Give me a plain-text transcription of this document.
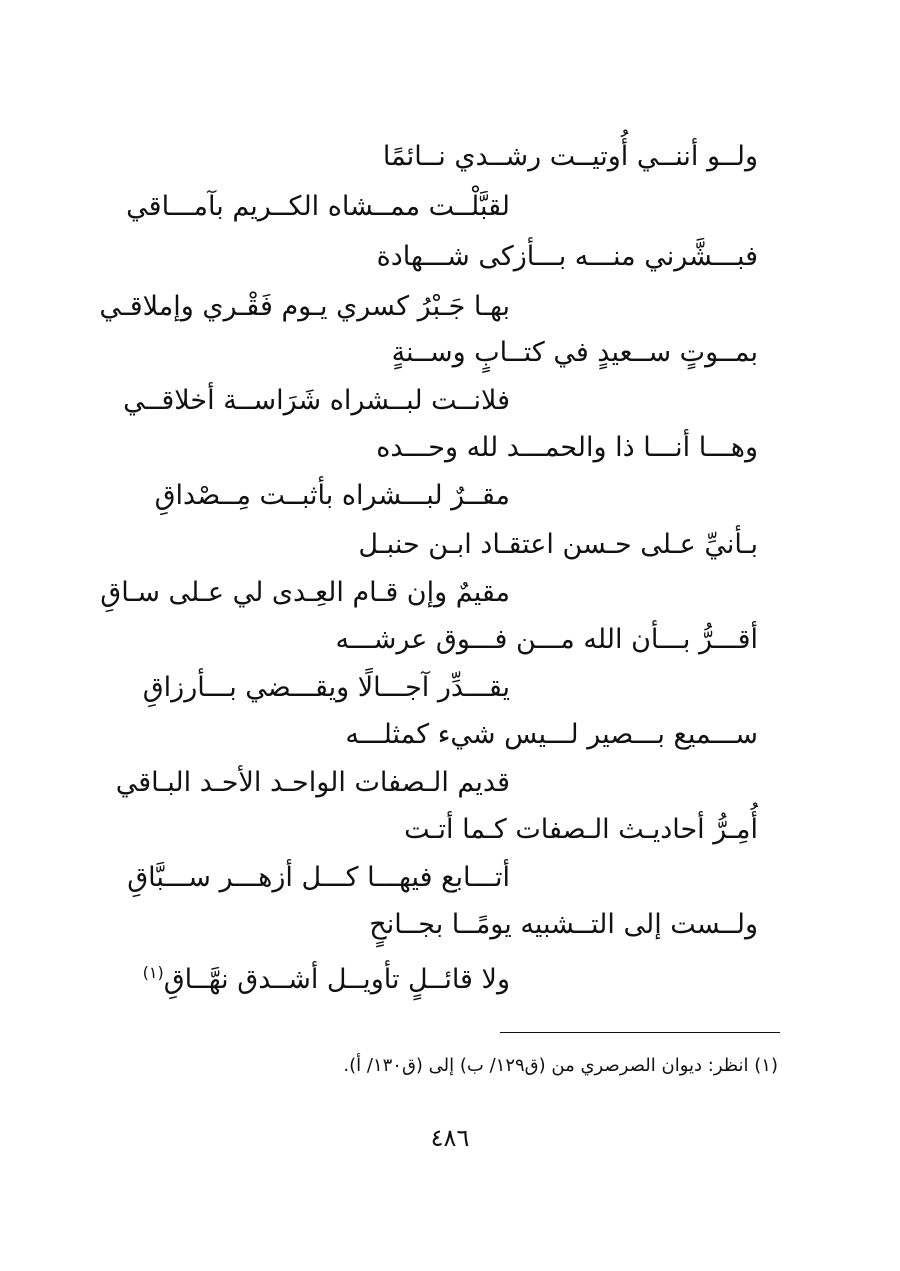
ولــو أننــي أُوتيــت رشــدي نــائمًا
لقبَّلْــت ممــشاه الكــريم بآمـــاقي
فبـــشَّرني منـــه بـــأزكى شـــهادة
بهـا جَـبْرُ كسري يـوم فَقْـري وإملاقـي
بمــوتٍ ســعيدٍ في كتــابٍ وســنةٍ
فلانــت لبــشراه شَرَاســة أخلاقــي
وهـــا أنـــا ذا والحمـــد لله وحـــده
مقــرٌ لبـــشراه بأثبــت مِــصْداقِ
بـأنيِّ عـلى حـسن اعتقـاد ابـن حنبـل
مقيمٌ وإن قـام العِـدى لي عـلى سـاقِ
أقـــرُّ بـــأن الله مـــن فـــوق عرشـــه
يقـــدِّر آجـــالًا ويقـــضي بـــأرزاقِ
ســـميع بـــصير لـــيس شيء كمثلـــه
قديم الـصفات الواحـد الأحـد البـاقي
أُمِـرُّ أحاديـث الـصفات كـما أتـت
أتـــابع فيهـــا كـــل أزهـــر ســـبَّاقِ
ولــست إلى التــشبيه يومًــا بجــانحٍ
ولا قائــلٍ تأويــل أشــدق نهَّــاقِ$^{(١)}$
(١) انظر: ديوان الصرصري من (ق١٢٩/ ب) إلى (ق١٣٠/ أ).
٤٨٦
